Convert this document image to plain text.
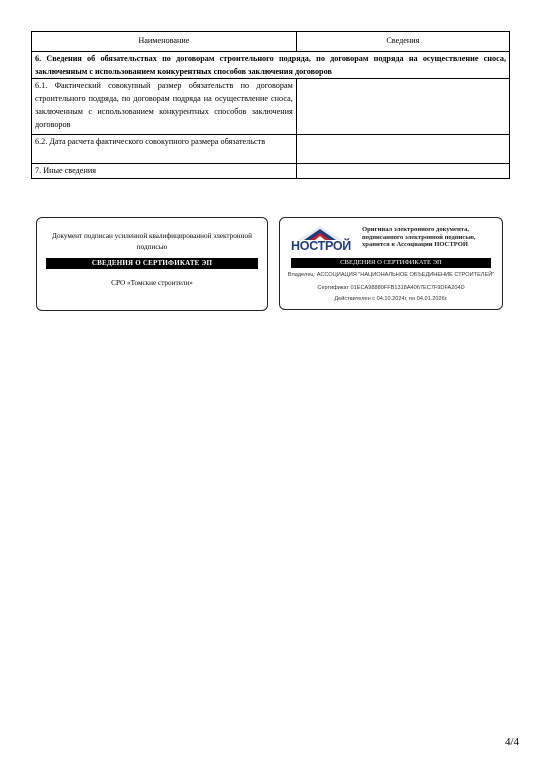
Наименование	Сведения
6. Сведения об обязательствах по договорам строительного подряда, по договорам подряда на осуществление сноса, заключенным с использованием конкурентных способов заключения договоров	
6.1. Фактический совокупный размер обязательств по договорам строительного подряда, по договорам подряда на осуществление сноса, заключенным с использованием конкурентных способов заключения договоров	
6.2. Дата расчета фактического совокупного размера обязательств	
7. Иные сведения	
Документ подписан усиленной квалифицированной электронной подписью
СВЕДЕНИЯ О СЕРТИФИКАТЕ ЭП
СРО «Томские строители»
НОСТРОЙ
Оригинал электронного документа,
подписанного электронной подписью,
хранится в Ассоциации НОСТРОЙ
СВЕДЕНИЯ О СЕРТИФИКАТЕ ЭП
Владелец: АССОЦИАЦИЯ "НАЦИОНАЛЬНОЕ ОБЪЕДИНЕНИЕ СТРОИТЕЛЕЙ"
Сертификат 01ECA98880FFB1318A4067EC7F9DFA204D
Действителен с 04.10.2024г. по 04.01.2026г.
4/4
